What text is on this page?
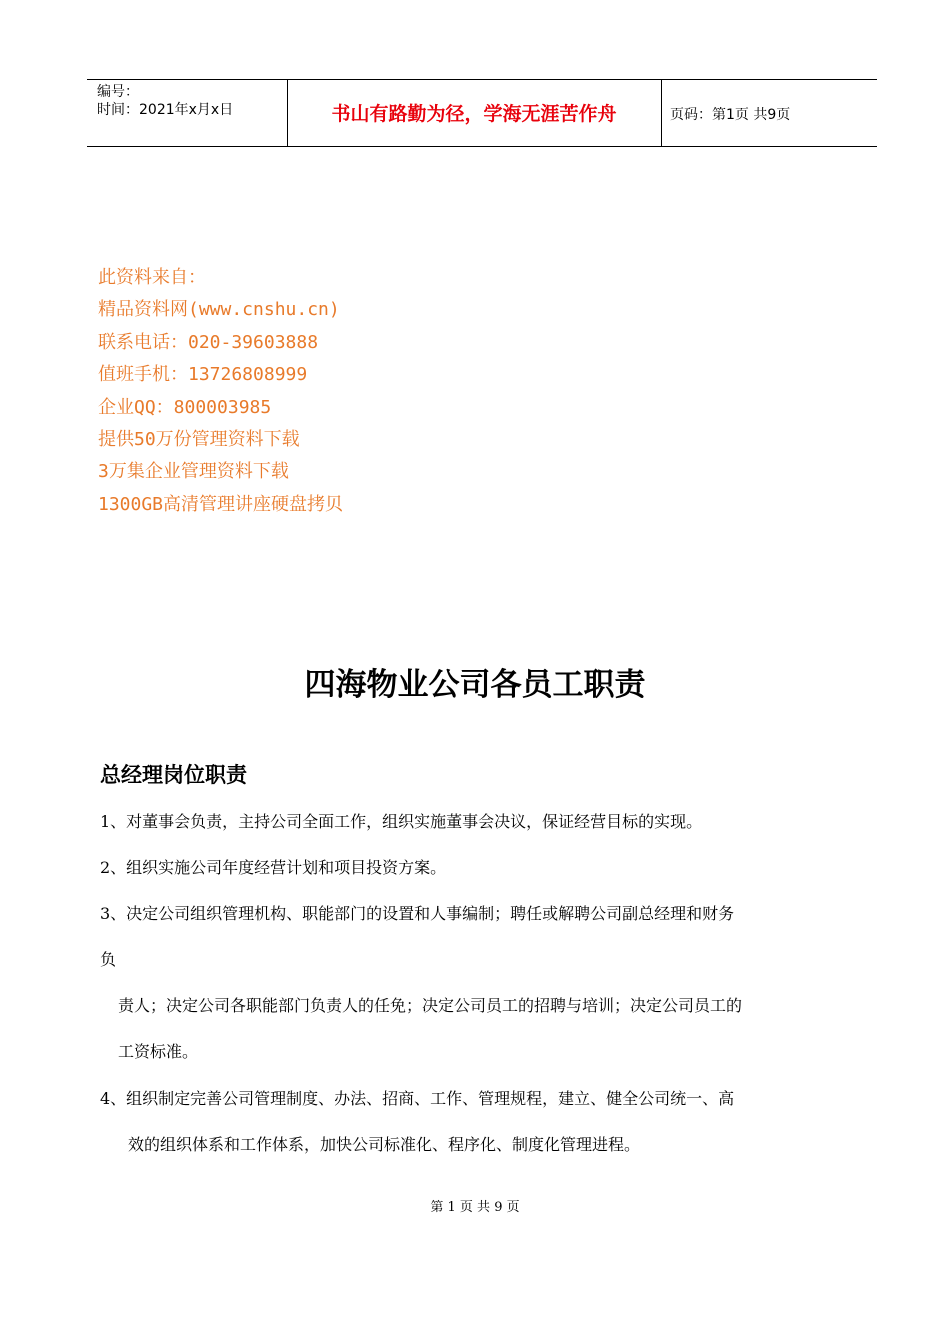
编号：
时间：2021年x月x日	书山有路勤为径，学海无涯苦作舟	页码：第1页 共9页
此资料来自：
精品资料网(www.cnshu.cn)
联系电话：020-39603888
值班手机：13726808999
企业QQ：800003985
提供50万份管理资料下载
3万集企业管理资料下载
1300GB高清管理讲座硬盘拷贝
四海物业公司各员工职责
总经理岗位职责
1、对董事会负责，主持公司全面工作，组织实施董事会决议，保证经营目标的实现。
2、组织实施公司年度经营计划和项目投资方案。
3、决定公司组织管理机构、职能部门的设置和人事编制；聘任或解聘公司副总经理和财务
负
责人；决定公司各职能部门负责人的任免；决定公司员工的招聘与培训；决定公司员工的
工资标准。
4、组织制定完善公司管理制度、办法、招商、工作、管理规程，建立、健全公司统一、高
效的组织体系和工作体系，加快公司标准化、程序化、制度化管理进程。
第 1 页 共 9 页
